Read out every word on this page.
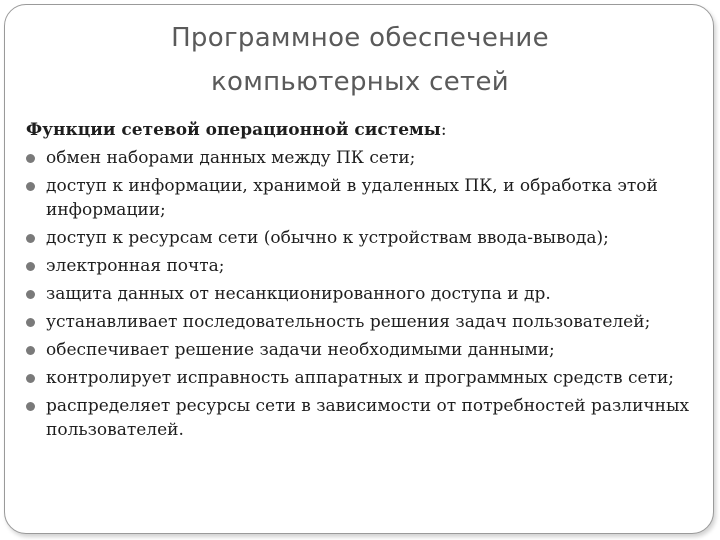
Программное обеспечение
компьютерных сетей

Функции сетевой операционной системы:

обмен наборами данных между ПК сети;
доступ к информации, хранимой в удаленных ПК, и обработка этой информации;
доступ к ресурсам сети (обычно к устройствам ввода-вывода);
электронная почта;
защита данных от несанкционированного доступа и др.
устанавливает последовательность решения задач пользователей;
обеспечивает решение задачи необходимыми данными;
контролирует исправность аппаратных и программных средств сети;
распределяет ресурсы сети в зависимости от потребностей различных пользователей.
